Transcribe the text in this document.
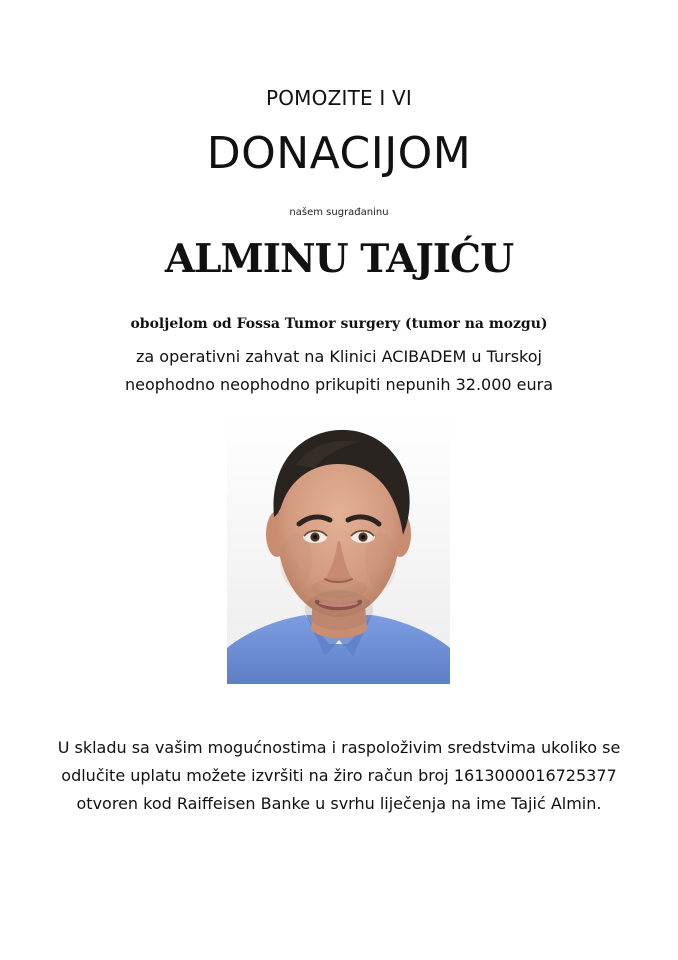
POMOZITE I VI
DONACIJOM
našem sugrađaninu
ALMINU TAJIĆU
oboljelom od Fossa Tumor surgery (tumor na mozgu)
za operativni zahvat na Klinici ACIBADEM u Turskoj
neophodno neophodno prikupiti nepunih 32.000 eura
U skladu sa vašim mogućnostima i raspoloživim sredstvima ukoliko se
odlučite uplatu možete izvršiti na žiro račun broj 1613000016725377
otvoren kod Raiffeisen Banke u svrhu liječenja na ime Tajić Almin.
